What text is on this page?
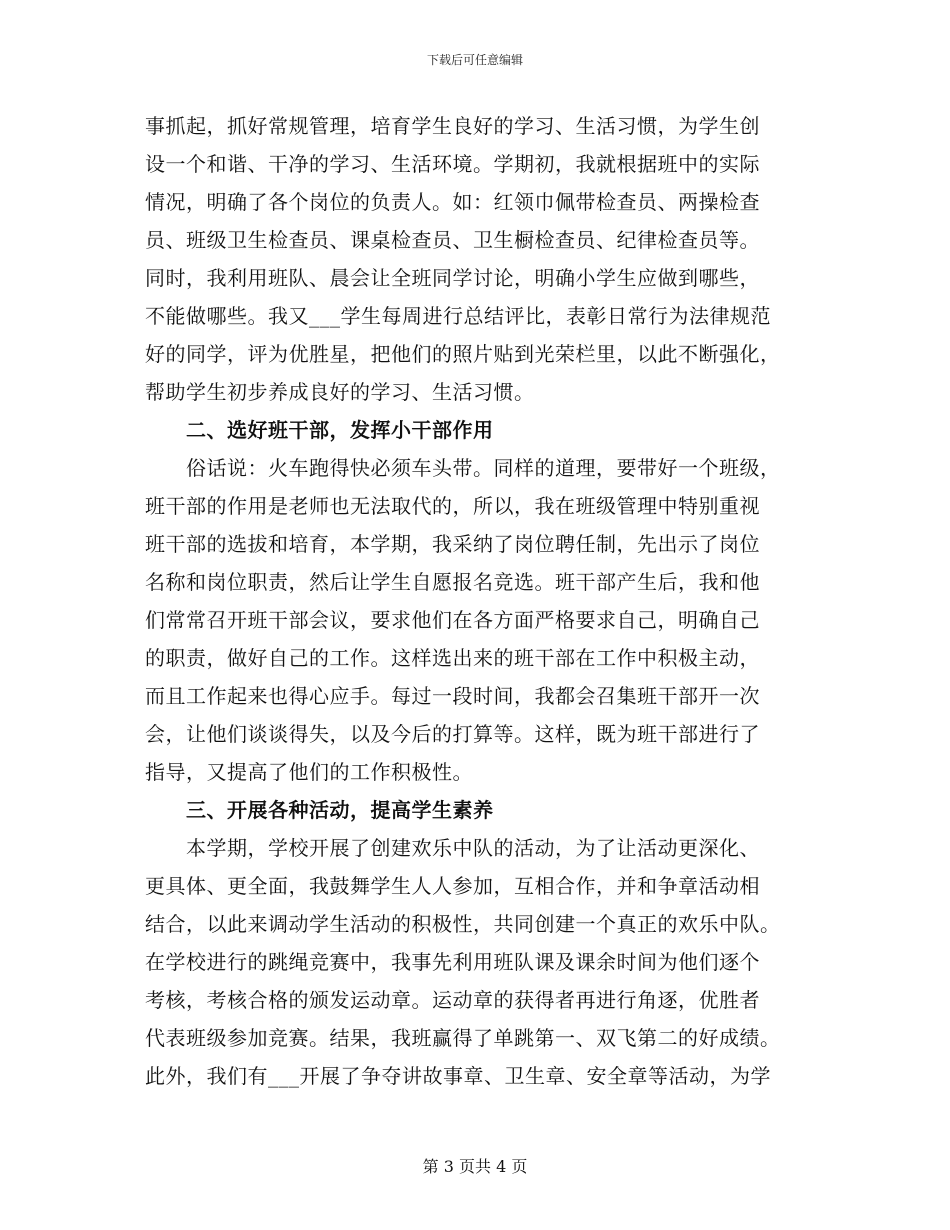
下载后可任意编辑
事抓起，抓好常规管理，培育学生良好的学习、生活习惯，为学生创
设一个和谐、干净的学习、生活环境。学期初，我就根据班中的实际
情况，明确了各个岗位的负责人。如：红领巾佩带检查员、两操检查
员、班级卫生检查员、课桌检查员、卫生橱检查员、纪律检查员等。
同时，我利用班队、晨会让全班同学讨论，明确小学生应做到哪些，
不能做哪些。我又___学生每周进行总结评比，表彰日常行为法律规范
好的同学，评为优胜星，把他们的照片贴到光荣栏里，以此不断强化，
帮助学生初步养成良好的学习、生活习惯。
二、选好班干部，发挥小干部作用
俗话说：火车跑得快必须车头带。同样的道理，要带好一个班级，
班干部的作用是老师也无法取代的，所以，我在班级管理中特别重视
班干部的选拔和培育，本学期，我采纳了岗位聘任制，先出示了岗位
名称和岗位职责，然后让学生自愿报名竞选。班干部产生后，我和他
们常常召开班干部会议，要求他们在各方面严格要求自己，明确自己
的职责，做好自己的工作。这样选出来的班干部在工作中积极主动，
而且工作起来也得心应手。每过一段时间，我都会召集班干部开一次
会，让他们谈谈得失，以及今后的打算等。这样，既为班干部进行了
指导，又提高了他们的工作积极性。
三、开展各种活动，提高学生素养
本学期，学校开展了创建欢乐中队的活动，为了让活动更深化、
更具体、更全面，我鼓舞学生人人参加，互相合作，并和争章活动相
结合，以此来调动学生活动的积极性，共同创建一个真正的欢乐中队。
在学校进行的跳绳竞赛中，我事先利用班队课及课余时间为他们逐个
考核，考核合格的颁发运动章。运动章的获得者再进行角逐，优胜者
代表班级参加竞赛。结果，我班赢得了单跳第一、双飞第二的好成绩。
此外，我们有___开展了争夺讲故事章、卫生章、安全章等活动，为学
第 3 页共 4 页
